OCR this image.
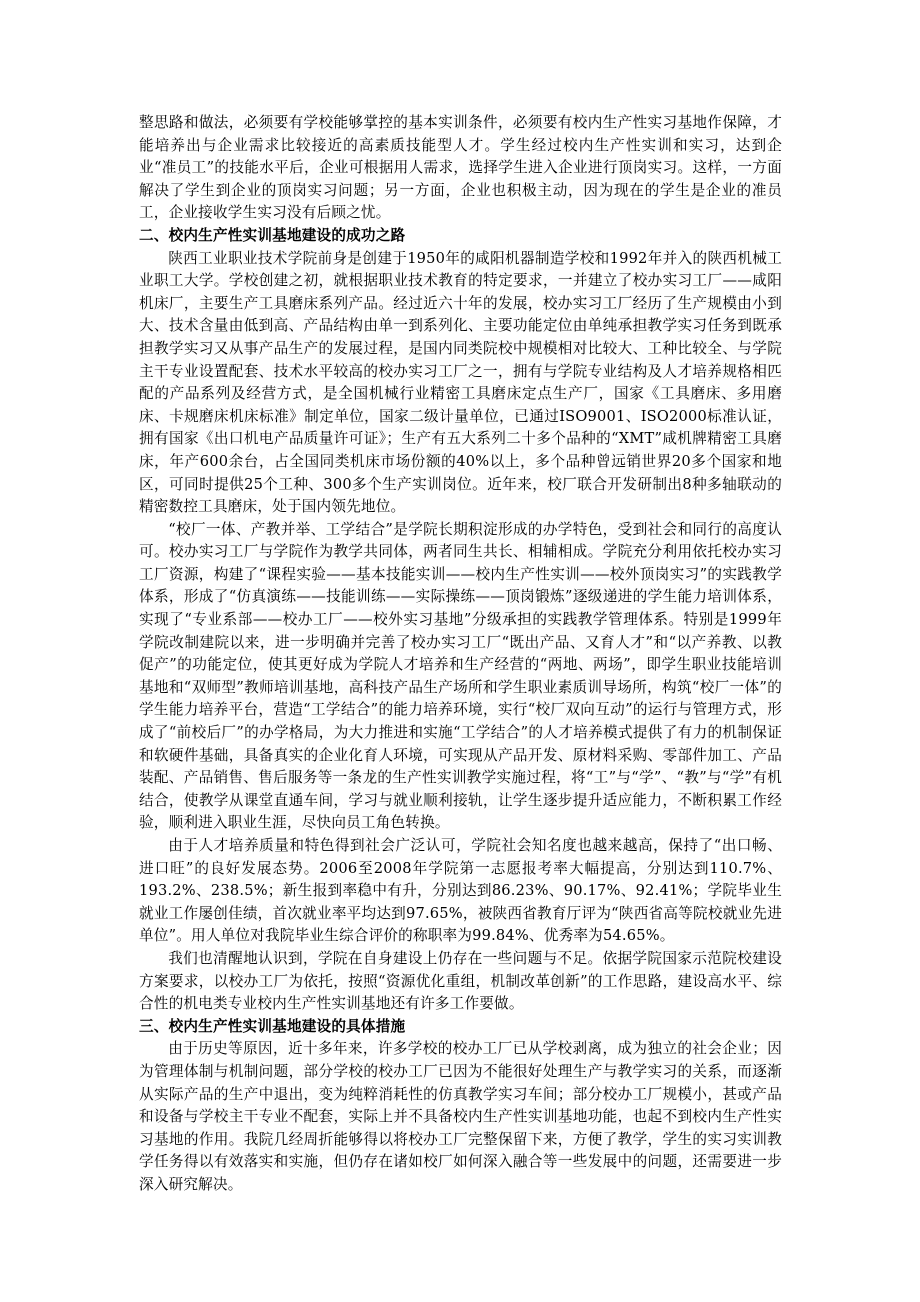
整思路和做法，必须要有学校能够掌控的基本实训条件，必须要有校内生产性实习基地作保障，才能培养出与企业需求比较接近的高素质技能型人才。学生经过校内生产性实训和实习，达到企业“准员工”的技能水平后，企业可根据用人需求，选择学生进入企业进行顶岗实习。这样，一方面解决了学生到企业的顶岗实习问题；另一方面，企业也积极主动，因为现在的学生是企业的准员工，企业接收学生实习没有后顾之忧。

二、校内生产性实训基地建设的成功之路

陕西工业职业技术学院前身是创建于1950年的咸阳机器制造学校和1992年并入的陕西机械工业职工大学。学校创建之初，就根据职业技术教育的特定要求，一并建立了校办实习工厂——咸阳机床厂，主要生产工具磨床系列产品。经过近六十年的发展，校办实习工厂经历了生产规模由小到大、技术含量由低到高、产品结构由单一到系列化、主要功能定位由单纯承担教学实习任务到既承担教学实习又从事产品生产的发展过程，是国内同类院校中规模相对比较大、工种比较全、与学院主干专业设置配套、技术水平较高的校办实习工厂之一，拥有与学院专业结构及人才培养规格相匹配的产品系列及经营方式，是全国机械行业精密工具磨床定点生产厂，国家《工具磨床、多用磨床、卡规磨床机床标准》制定单位，国家二级计量单位，已通过ISO9001、ISO2000标准认证，拥有国家《出口机电产品质量许可证》；生产有五大系列二十多个品种的“XMT”咸机牌精密工具磨床，年产600余台，占全国同类机床市场份额的40%以上，多个品种曾远销世界20多个国家和地区，可同时提供25个工种、300多个生产实训岗位。近年来，校厂联合开发研制出8种多轴联动的精密数控工具磨床，处于国内领先地位。

“校厂一体、产教并举、工学结合”是学院长期积淀形成的办学特色，受到社会和同行的高度认可。校办实习工厂与学院作为教学共同体，两者同生共长、相辅相成。学院充分利用依托校办实习工厂资源，构建了“课程实验——基本技能实训——校内生产性实训——校外顶岗实习”的实践教学体系，形成了“仿真演练——技能训练——实际操练——顶岗锻炼”逐级递进的学生能力培训体系，实现了“专业系部——校办工厂——校外实习基地”分级承担的实践教学管理体系。特别是1999年学院改制建院以来，进一步明确并完善了校办实习工厂“既出产品、又育人才”和“以产养教、以教促产”的功能定位，使其更好成为学院人才培养和生产经营的“两地、两场”，即学生职业技能培训基地和“双师型”教师培训基地，高科技产品生产场所和学生职业素质训导场所，构筑“校厂一体”的学生能力培养平台，营造“工学结合”的能力培养环境，实行“校厂双向互动”的运行与管理方式，形成了“前校后厂”的办学格局，为大力推进和实施“工学结合”的人才培养模式提供了有力的机制保证和软硬件基础，具备真实的企业化育人环境，可实现从产品开发、原材料采购、零部件加工、产品装配、产品销售、售后服务等一条龙的生产性实训教学实施过程，将“工”与“学”、“教”与“学”有机结合，使教学从课堂直通车间，学习与就业顺利接轨，让学生逐步提升适应能力，不断积累工作经验，顺利进入职业生涯，尽快向员工角色转换。

由于人才培养质量和特色得到社会广泛认可，学院社会知名度也越来越高，保持了“出口畅、进口旺”的良好发展态势。2006至2008年学院第一志愿报考率大幅提高，分别达到110.7%、193.2%、238.5%；新生报到率稳中有升，分别达到86.23%、90.17%、92.41%；学院毕业生就业工作屡创佳绩，首次就业率平均达到97.65%，被陕西省教育厅评为“陕西省高等院校就业先进单位”。用人单位对我院毕业生综合评价的称职率为99.84%、优秀率为54.65%。

我们也清醒地认识到，学院在自身建设上仍存在一些问题与不足。依据学院国家示范院校建设方案要求，以校办工厂为依托，按照“资源优化重组，机制改革创新”的工作思路，建设高水平、综合性的机电类专业校内生产性实训基地还有许多工作要做。

三、校内生产性实训基地建设的具体措施

由于历史等原因，近十多年来，许多学校的校办工厂已从学校剥离，成为独立的社会企业；因为管理体制与机制问题，部分学校的校办工厂已因为不能很好处理生产与教学实习的关系，而逐渐从实际产品的生产中退出，变为纯粹消耗性的仿真教学实习车间；部分校办工厂规模小，甚或产品和设备与学校主干专业不配套，实际上并不具备校内生产性实训基地功能，也起不到校内生产性实习基地的作用。我院几经周折能够得以将校办工厂完整保留下来，方便了教学，学生的实习实训教学任务得以有效落实和实施，但仍存在诸如校厂如何深入融合等一些发展中的问题，还需要进一步深入研究解决。
